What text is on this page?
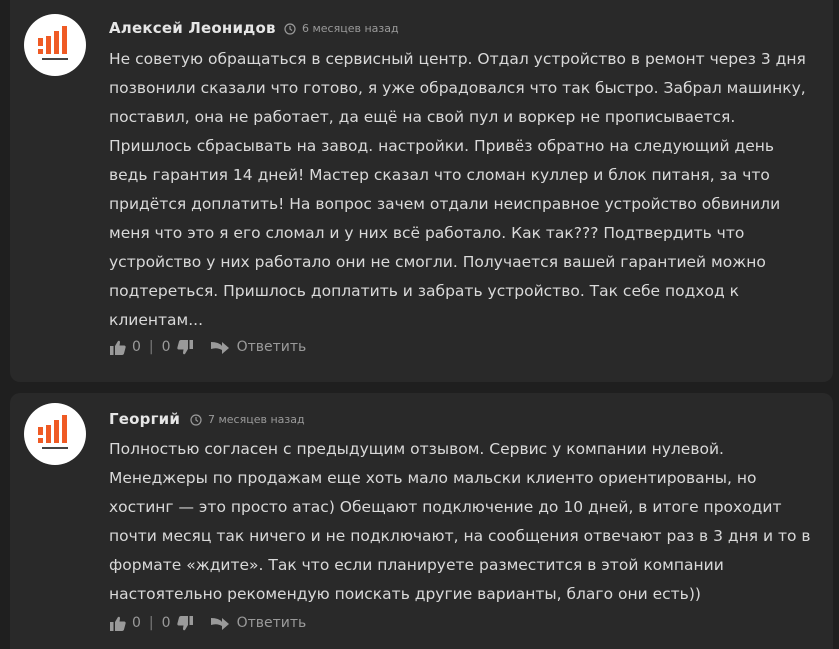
Алексей Леонидов 6 месяцев назад
Не советую обращаться в сервисный центр. Отдал устройство в ремонт через 3 дня
позвонили сказали что готово, я уже обрадовался что так быстро. Забрал машинку,
поставил, она не работает, да ещё на свой пул и воркер не прописывается.
Пришлось сбрасывать на завод. настройки. Привёз обратно на следующий день
ведь гарантия 14 дней! Мастер сказал что сломан куллер и блок питаня, за что
придётся доплатить! На вопрос зачем отдали неисправное устройство обвинили
меня что это я его сломал и у них всё работало. Как так??? Подтвердить что
устройство у них работало они не смогли. Получается вашей гарантией можно
подтереться. Пришлось доплатить и забрать устройство. Так себе подход к
клиентам...
0 | 0	Ответить
Георгий	7 месяцев назад
Полностью согласен с предыдущим отзывом. Сервис у компании нулевой.
Менеджеры по продажам еще хоть мало мальски клиенто ориентированы, но
хостинг — это просто атас) Обещают подключение до 10 дней, в итоге проходит
почти месяц так ничего и не подключают, на сообщения отвечают раз в 3 дня и то в
формате «ждите». Так что если планируете разместится в этой компании
настоятельно рекомендую поискать другие варианты, благо они есть))
0 | 0	Ответить
